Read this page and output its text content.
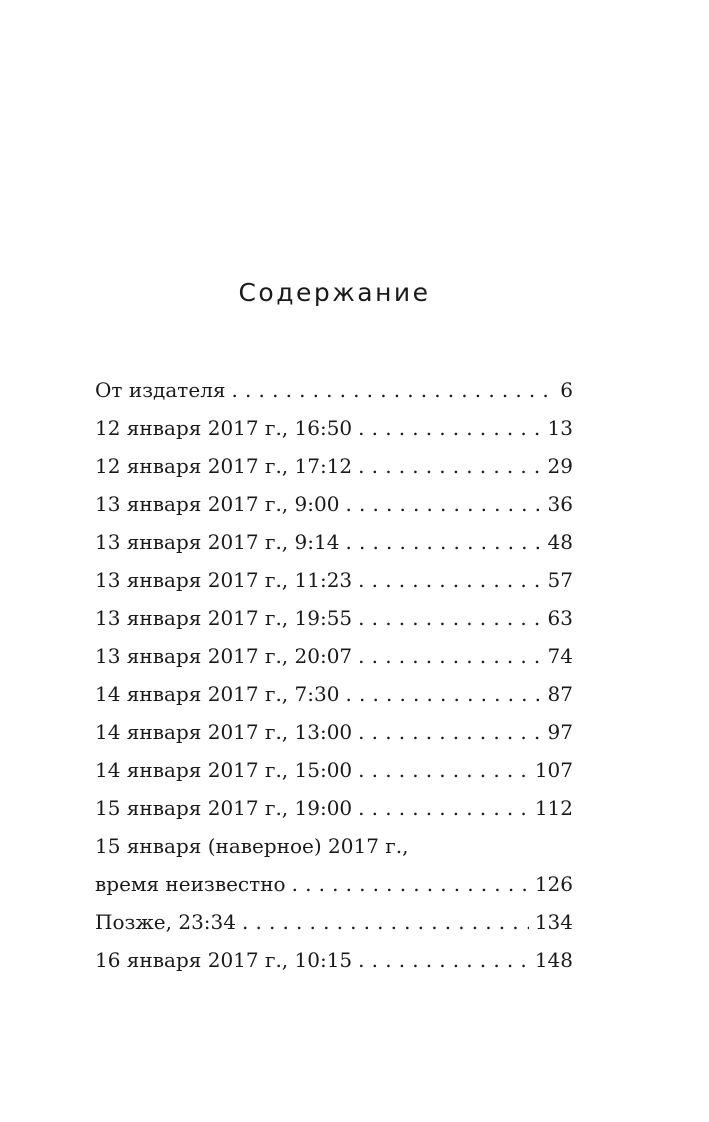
Содержание
От издателя . . .	6
12 января 2017 г., 16:50 . . .	13
12 января 2017 г., 17:12 . . .	29
13 января 2017 г., 9:00 . . .	36
13 января 2017 г., 9:14 . . .	48
13 января 2017 г., 11:23 . . .	57
13 января 2017 г., 19:55 . . .	63
13 января 2017 г., 20:07 . . .	74
14 января 2017 г., 7:30 . . .	87
14 января 2017 г., 13:00 . . .	97
14 января 2017 г., 15:00 . . .	107
15 января 2017 г., 19:00 . . .	112
15 января (наверное) 2017 г.,
время неизвестно . . .	126
Позже, 23:34 . . .	134
16 января 2017 г., 10:15 . . .	148
